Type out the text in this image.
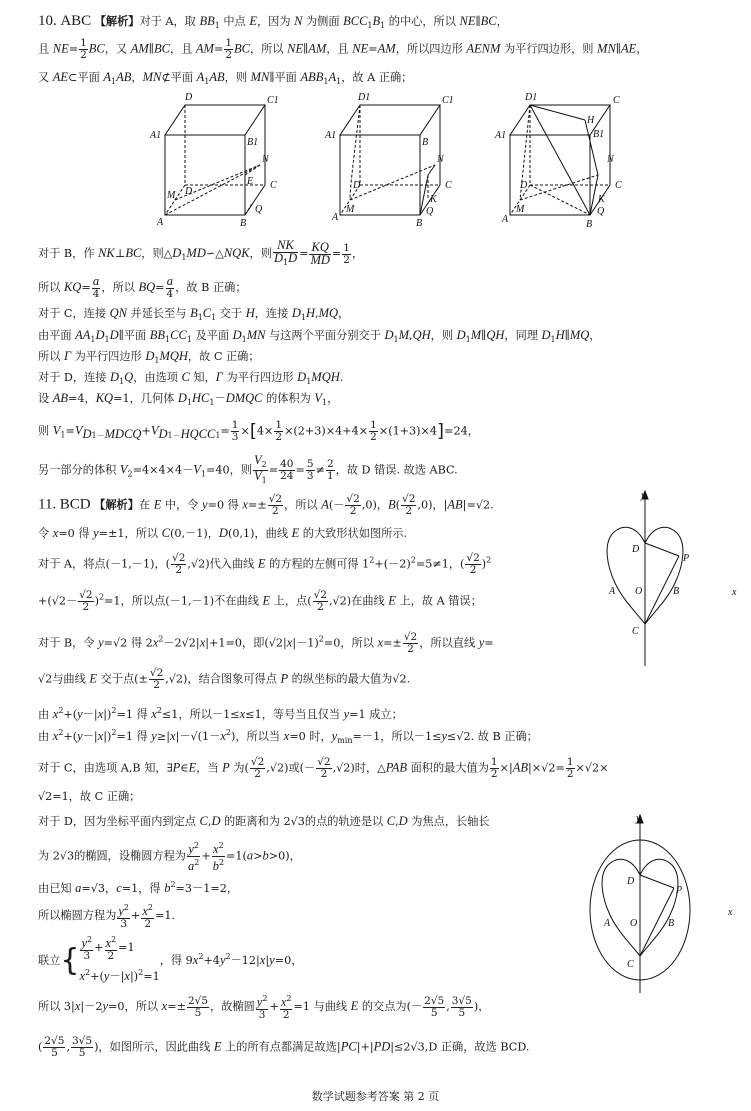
10. ABC 【解析】对于 A，取 $BB_1$ 中点 E，因为 N 为侧面 $BCC_1B_1$ 的中心，所以 NE∥BC，
且 $NE= \frac{1}{2}$ BC，又 AM∥BC，且 $AM= \frac{1}{2}$ BC，所以 NE∥AM，且 NE=AM，所以四边形 AENM 为平行四边形，则 MN∥AE，
又 AE⊂平面 $A_1AB$，MN⊄平面 $A_1AB$，则 MN∥平面 $ABB_1A_1$，故 A 正确；
D	C1
A1
B1
N
E C
M D
A	B
Q
D1	C1
A1
B
N
D	C
A
M
B
Q
K
D1	C
A1
H
B1
N
D	C
A
M
K
B
Q
对于 B，作 NK⊥BC，则$\triangle D_1MD∽\triangle NQK$，则 $\frac{NK}{D_1D} = \frac{KQ}{MD} = \frac{1}{2}$ ，
所以 $KQ= \frac{a}{4}$ ，所以 $BQ= \frac{a}{4}$ ，故 B 正确；
对于 C，连接 QN 并延长至与 $B_1C_1$ 交于 H，连接 $D_1H,MQ$，
由平面 $AA_1D_1D\parallel$平面 $BB_1CC_1$ 及平面 $D_1MN$ 与这两个平面分别交于 $D_1M,QH$，则 $D_1M\parallel QH$，同理 $D_1H\parallel MQ$，
所以 Γ 为平行四边形 $D_1MQH$，故 C 正确；
对于 D，连接 $D_1Q$，由选项 C 知，Γ 为平行四边形 $D_1MQH$.
设 AB=4，KQ=1，几何体 $D_1HC_1-DMQC$ 的体积为 $V_1$，
则 $V_1=V_{D1-MDCQ}+V_{D1-HQCC1}= \frac{1}{3} \times[4\times \frac{1}{2} \times(2+3)\times 4+4\times \frac{1}{2} \times(1+3)\times 4]=24$，
另一部分的体积 $V_2=4\times 4\times 4-V_1=40$，则 $\frac{V_2}{V_1} = \frac{40}{24} = \frac{5}{3} \ne \frac{2}{1}$ ，故 D 错误. 故选 ABC.
11. BCD 【解析】在 E 中，令 y=0 得 $x=\pm \frac{√2}{2}$ ，所以 $A(- \frac{√2}{2} ,0)$，$B( \frac{√2}{2} ,0)$，|AB|=√2.
令 x=0 得 y=±1，所以 C(0,－1)，D(0,1)，曲线 E 的大致形状如图所示.
对于 A，将点(－1,－1)，( $\frac{√2}{2} ,√2$)代入曲线 E 的方程的左侧可得 $1^2+(-2)^2=5\ne 1$，( $\frac{√2}{2} )^2$
$+(√2- \frac{√2}{2} )^2=1$，所以点(－1,－1)不在曲线 E 上，点( $\frac{√2}{2} ,√2$)在曲线 E 上，故 A 错误；
对于 B，令 y=√2 得 $2x^2-2√2|x|+1=0$，即$(√2|x|-1)^2=0$，所以 $x=\pm \frac{√2}{2}$ ，所以直线 y=
√2与曲线 E 交于点(± $\frac{√2}{2} ,√2$)，结合图象可得点 P 的纵坐标的最大值为√2.
由 $x^2+(y-|x|)^2=1$ 得 $x^2\le 1$，所以－1≤x≤1，等号当且仅当 y=1 成立；
由 $x^2+(y-|x|)^2=1$ 得 $y\ge|x|-√(1-x^2)$，所以当 x=0 时，$y_{min}=-1$，所以－1≤y≤√2. 故 B 正确；
对于 C，由选项 A,B 知，∃P∈E，当 P 为( $\frac{√2}{2} ,√2$)或(－ $\frac{√2}{2} ,√2$)时，△PAB 面积的最大值为 $\frac{1}{2} \times|AB|\times√2= \frac{1}{2} \times√2\times$
√2=1，故 C 正确；
对于 D，因为坐标平面内到定点 C,D 的距离和为 2√3的点的轨迹是以 C,D 为焦点，长轴长
为 2√3的椭圆，设椭圆方程为 $\frac{y^2}{a^2} + \frac{x^2}{b^2} =1(a>b>0)$，
由已知 a=√3，c=1，得 $b^2=3-1=2$，
所以椭圆方程为 $\frac{y^2}{3} + \frac{x^2}{2} =1$.
联立{ $\frac{y^2}{3} + \frac{x^2}{2} =1$
$x^2+(y-|x|)^2=1$，得 $9x^2+4y^2-12|x|y=0$，
所以 3|x|－2y=0，所以 $x=\pm \frac{2√5}{5}$ ，故椭圆 $\frac{y^2}{3} + \frac{x^2}{2} =1$ 与曲线 E 的交点为(－ $\frac{2√5}{5}$ , $\frac{3√5}{5}$ )，
( $\frac{2√5}{5}$ , $\frac{3√5}{5}$ )，如图所示，因此曲线 E 上的所有点都满足故选|PC|+|PD|≤2√3,D 正确，故选 BCD.
y
D
P
A O	B
C
x
y
D
P
A O	B
C
x
数学试题参考答案 第 2 页
